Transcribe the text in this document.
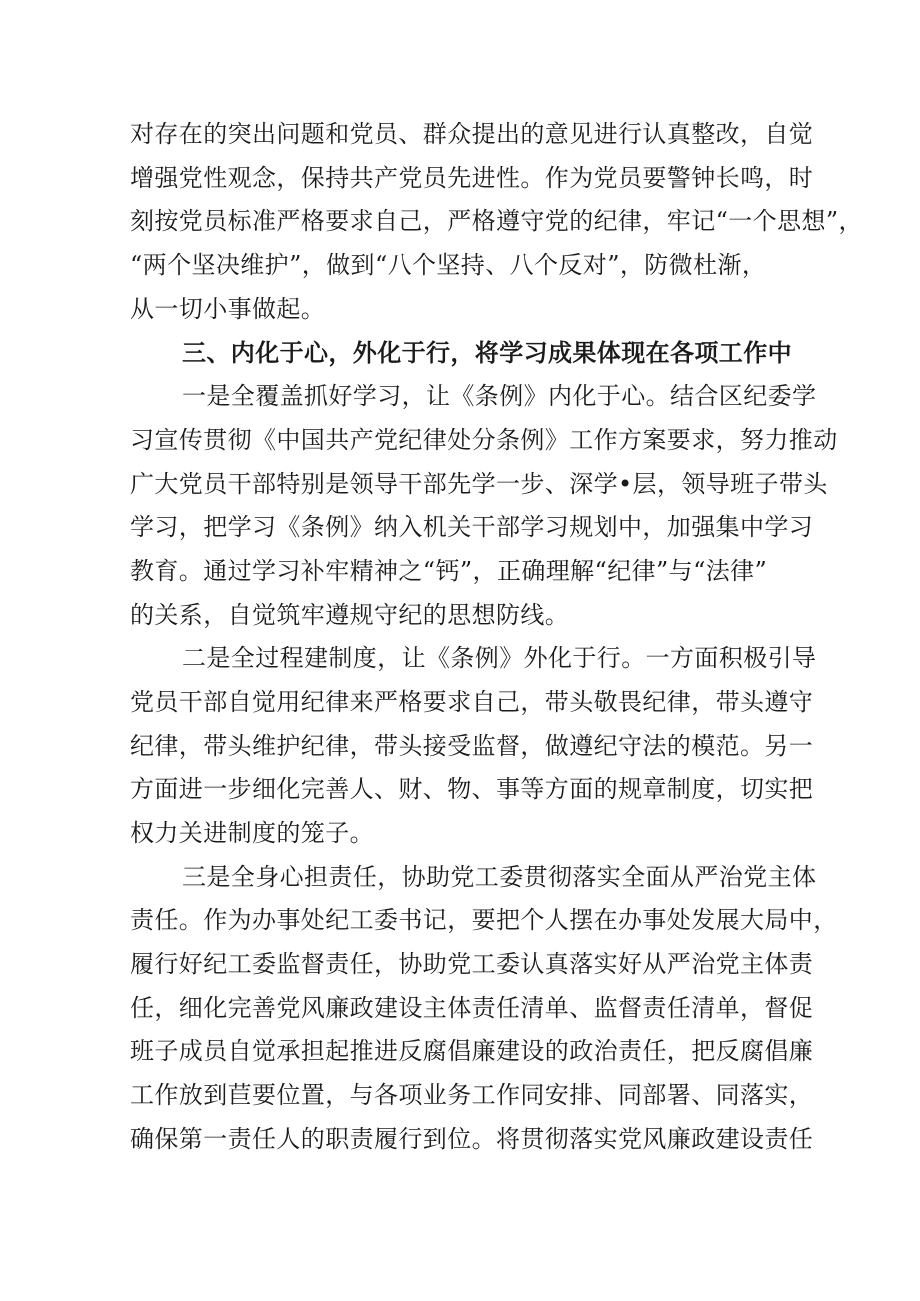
对存在的突出问题和党员、群众提出的意见进行认真整改，自觉
增强党性观念，保持共产党员先进性。作为党员要警钟长鸣，时
刻按党员标准严格要求自己，严格遵守党的纪律，牢记“一个思想”，
“两个坚决维护”，做到“八个坚持、八个反对”，防微杜渐，
从一切小事做起。
三、内化于心，外化于行，将学习成果体现在各项工作中
一是全覆盖抓好学习，让《条例》内化于心。结合区纪委学
习宣传贯彻《中国共产党纪律处分条例》工作方案要求，努力推动
广大党员干部特别是领导干部先学一步、深学•层，领导班子带头
学习，把学习《条例》纳入机关干部学习规划中，加强集中学习
教育。通过学习补牢精神之“钙”，正确理解“纪律”与“法律”
的关系，自觉筑牢遵规守纪的思想防线。
二是全过程建制度，让《条例》外化于行。一方面积极引导
党员干部自觉用纪律来严格要求自己，带头敬畏纪律，带头遵守
纪律，带头维护纪律，带头接受监督，做遵纪守法的模范。另一
方面进一步细化完善人、财、物、事等方面的规章制度，切实把
权力关进制度的笼子。
三是全身心担责任，协助党工委贯彻落实全面从严治党主体
责任。作为办事处纪工委书记，要把个人摆在办事处发展大局中，
履行好纪工委监督责任，协助党工委认真落实好从严治党主体责
任，细化完善党风廉政建设主体责任清单、监督责任清单，督促
班子成员自觉承担起推进反腐倡廉建设的政治责任，把反腐倡廉
工作放到苣要位置，与各项业务工作同安排、同部署、同落实，
确保第一责任人的职责履行到位。将贯彻落实党风廉政建设责任
